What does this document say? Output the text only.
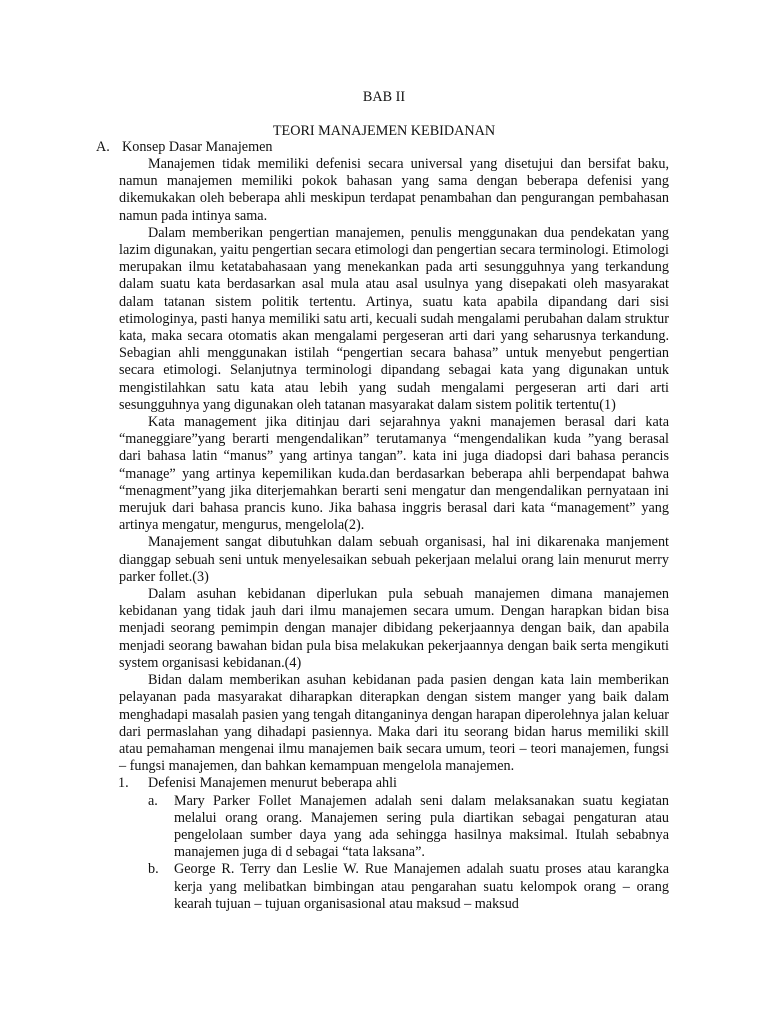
BAB II
TEORI MANAJEMEN KEBIDANAN
A. Konsep Dasar Manajemen

Manajemen tidak memiliki defenisi secara universal yang disetujui dan bersifat baku, namun manajemen memiliki pokok bahasan yang sama dengan beberapa defenisi yang dikemukakan oleh beberapa ahli meskipun terdapat penambahan dan pengurangan pembahasan namun pada intinya sama.

Dalam memberikan pengertian manajemen, penulis menggunakan dua pendekatan yang lazim digunakan, yaitu pengertian secara etimologi dan pengertian secara terminologi. Etimologi merupakan ilmu ketatabahasaan yang menekankan pada arti sesungguhnya yang terkandung dalam suatu kata berdasarkan asal mula atau asal usulnya yang disepakati oleh masyarakat dalam tatanan sistem politik tertentu. Artinya, suatu kata apabila dipandang dari sisi etimologinya, pasti hanya memiliki satu arti, kecuali sudah mengalami perubahan dalam struktur kata, maka secara otomatis akan mengalami pergeseran arti dari yang seharusnya terkandung. Sebagian ahli menggunakan istilah “pengertian secara bahasa” untuk menyebut pengertian secara etimologi. Selanjutnya terminologi dipandang sebagai kata yang digunakan untuk mengistilahkan satu kata atau lebih yang sudah mengalami pergeseran arti dari arti sesungguhnya yang digunakan oleh tatanan masyarakat dalam sistem politik tertentu(1)

Kata management jika ditinjau dari sejarahnya yakni manajemen berasal dari kata “maneggiare”yang berarti mengendalikan” terutamanya “mengendalikan kuda ”yang berasal dari bahasa latin “manus” yang artinya tangan”. kata ini juga diadopsi dari bahasa perancis “manage” yang artinya kepemilikan kuda.dan berdasarkan beberapa ahli berpendapat bahwa “menagment”yang jika diterjemahkan berarti seni mengatur dan mengendalikan pernyataan ini merujuk dari bahasa prancis kuno. Jika bahasa inggris berasal dari kata “management” yang artinya mengatur, mengurus, mengelola(2).

Manajement sangat dibutuhkan dalam sebuah organisasi, hal ini dikarenaka manjement dianggap sebuah seni untuk menyelesaikan sebuah pekerjaan melalui orang lain menurut merry parker follet.(3)

Dalam asuhan kebidanan diperlukan pula sebuah manajemen dimana manajemen kebidanan yang tidak jauh dari ilmu manajemen secara umum. Dengan harapkan bidan bisa menjadi seorang pemimpin dengan manajer dibidang pekerjaannya dengan baik, dan apabila menjadi seorang bawahan bidan pula bisa melakukan pekerjaannya dengan baik serta mengikuti system organisasi kebidanan.(4)

Bidan dalam memberikan asuhan kebidanan pada pasien dengan kata lain memberikan pelayanan pada masyarakat diharapkan diterapkan dengan sistem manger yang baik dalam menghadapi masalah pasien yang tengah ditanganinya dengan harapan diperolehnya jalan keluar dari permaslahan yang dihadapi pasiennya. Maka dari itu seorang bidan harus memiliki skill atau pemahaman mengenai ilmu manajemen baik secara umum, teori – teori manajemen, fungsi – fungsi manajemen, dan bahkan kemampuan mengelola manajemen.

1.	Defenisi Manajemen menurut beberapa ahli
a.	Mary Parker Follet Manajemen adalah seni dalam melaksanakan suatu kegiatan melalui orang orang. Manajemen sering pula diartikan sebagai pengaturan atau pengelolaan sumber daya yang ada sehingga hasilnya maksimal. Itulah sebabnya manajemen juga di d sebagai “tata laksana”.
b.	George R. Terry dan Leslie W. Rue Manajemen adalah suatu proses atau karangka kerja yang melibatkan bimbingan atau pengarahan suatu kelompok orang – orang kearah tujuan – tujuan organisasional atau maksud – maksud
